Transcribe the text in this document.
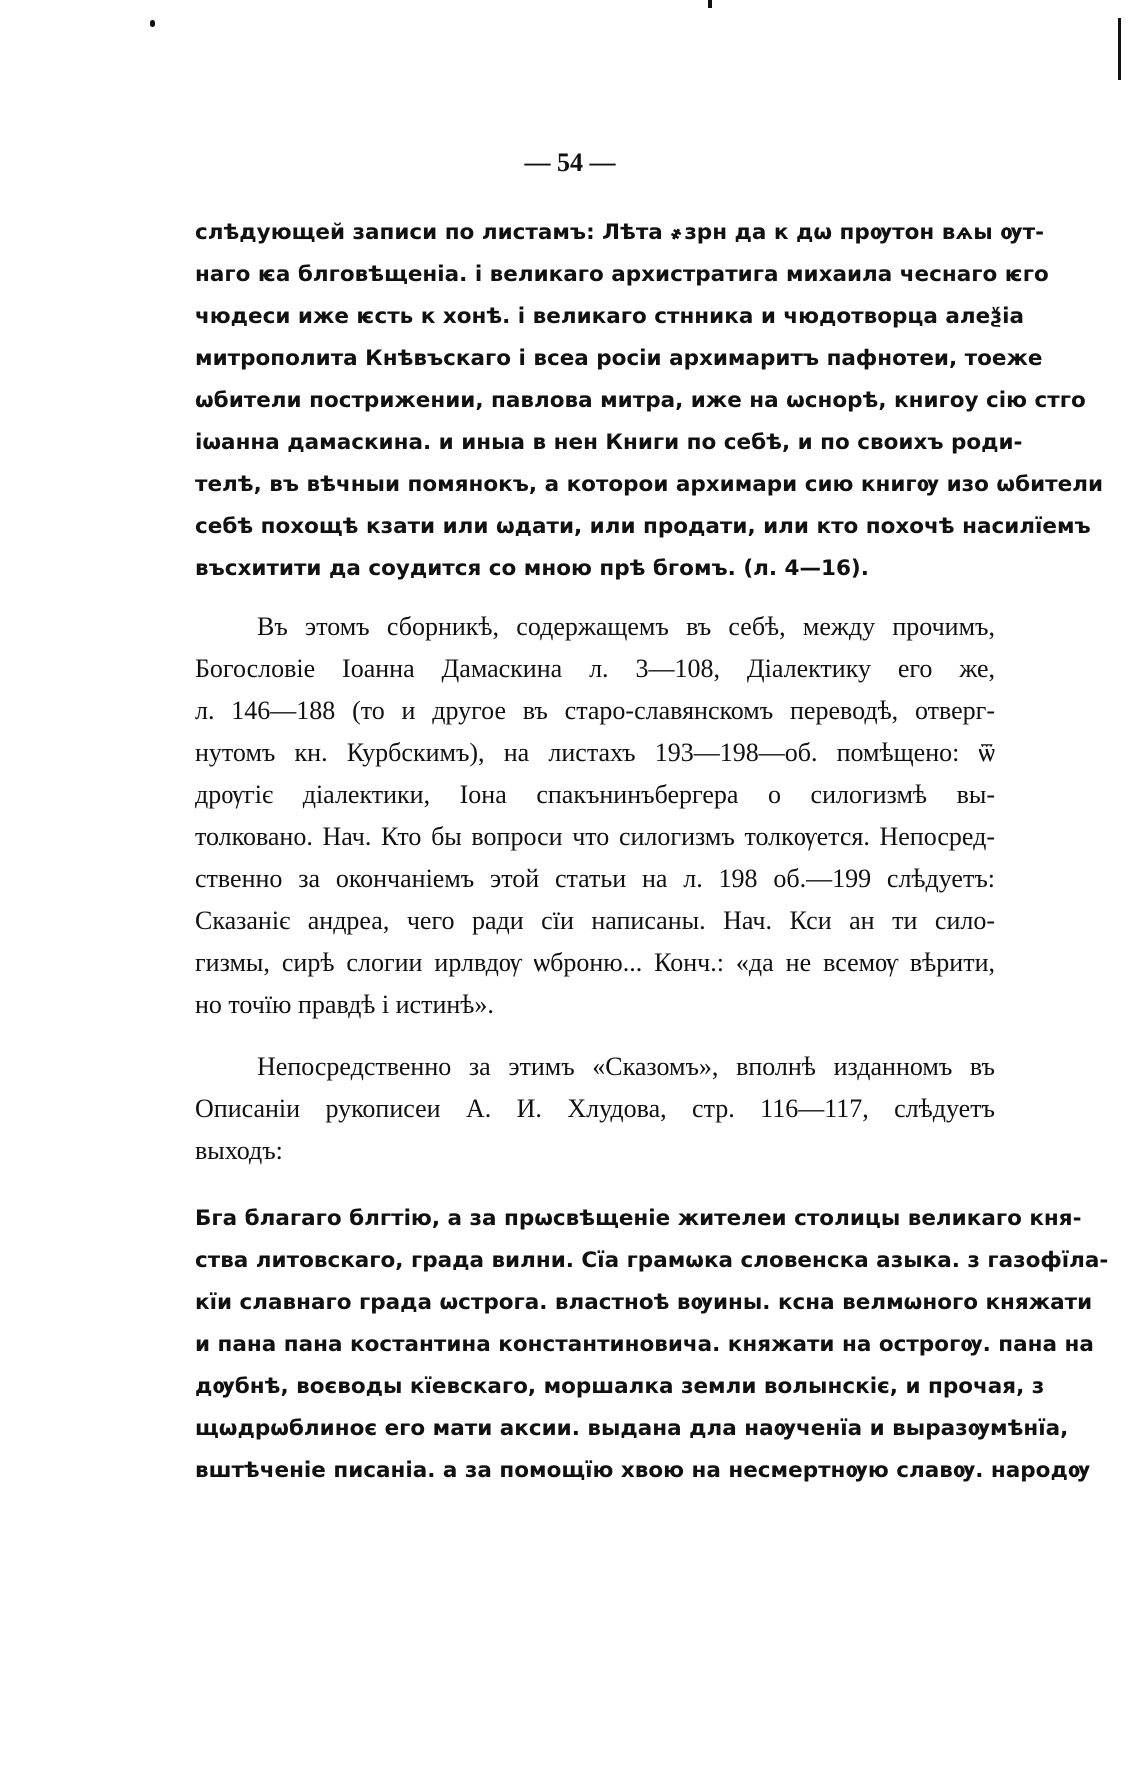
— 54 —
слѣдующей записи по листамъ: Лѣта ҂зрн да к дѡ прѹтон вѧы ѹт-
наго ѥа блговѣщеніа. і великаго архистратига михаила чеснаго ѥго
чюдеси иже ѥсть к хонѣ. і великаго стнника и чюдотворца алеѯіа
митрополита Кнѣвъскаго і всеа росіи архимаритъ пафнотеи, тоеже
ѡбители пострижении, павлова митра, иже на ѡснорѣ, книгоу сію стго
іѡанна дамаскина. и иныа в нен Книги по себѣ, и по своихъ роди-
телѣ, въ вѣчныи помянокъ, а которои архимари сию книгѹ изо ѡбители
себѣ похощѣ кзати или ѡдати, или продати, или кто похочѣ насилїемъ
въсхитити да соудится со мною прѣ бгомъ. (л. 4—16).
Въ этомъ сборникѣ, содержащемъ въ себѣ, между прочимъ,
Богословіе Іоанна Дамаскина л. 3—108, Діалектику его же,
л. 146—188 (то и другое въ старо-славянскомъ переводѣ, отверг-
нутомъ кн. Курбскимъ), на листахъ 193—198—об. помѣщено: ѿ
дрѹгіє діалектики, Іона спакънинъбергера о силогизмѣ вы-
толковано. Нач. Кто бы вопроси что силогизмъ толкѹется. Непосред-
ственно за окончаніемъ этой статьи на л. 198 об.—199 слѣдуетъ:
Сказаніє андреа, чего ради сїи написаны. Нач. Кси ан ти сило-
гизмы, сирѣ слогии ирлвдѹ ѡброню... Конч.: «да не всемѹ вѣрити,
но точїю правдѣ і истинѣ».
Непосредственно за этимъ «Сказомъ», вполнѣ изданномъ въ
Описаніи рукописеи А. И. Хлудова, стр. 116—117, слѣдуетъ
выходъ:
Бга благаго блгтію, а за прѡсвѣщеніе жителеи столицы великаго кня-
ства литовскаго, града вилни. Сїа грамѡка словенска азыка. з газофїла-
кїи славнаго града ѡстрога. властноѣ вѹины. ксна велмѡного княжати
и пана пана костантина константиновича. княжати на острогѹ. пана на
дѹбнѣ, воєводы кїевскаго, моршалка земли волынскіє, и прочая, з
щѡдрѡблиноє его мати аксии. выдана дла наѹченїа и выразѹмѣнїа,
вштѣченіе писаніа. а за помощїю хвою на несмертнѹю славѹ. народѹ
